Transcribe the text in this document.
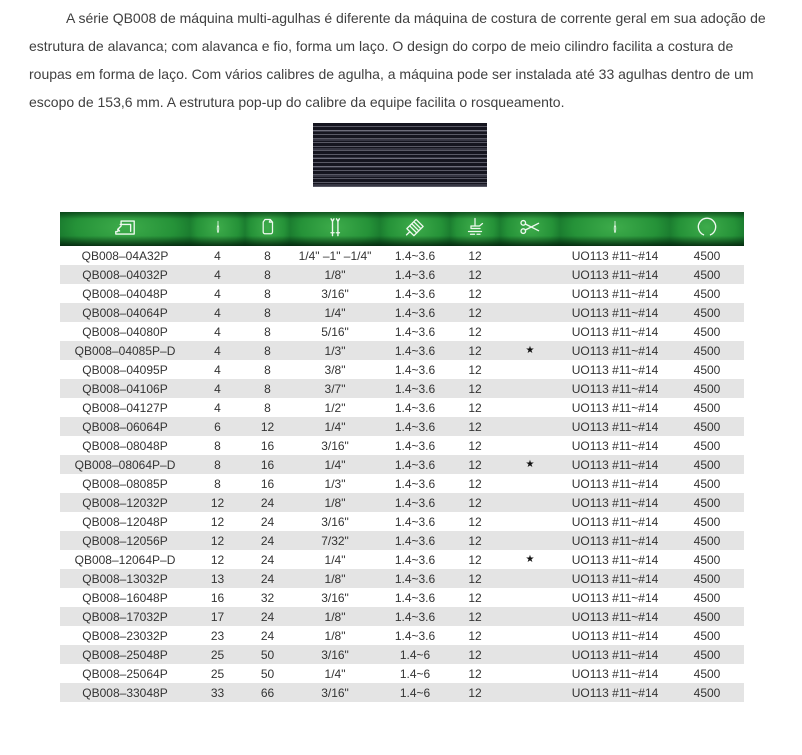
A série QB008 de máquina multi-agulhas é diferente da máquina de costura de corrente geral em sua adoção de estrutura de alavanca; com alavanca e fio, forma um laço. O design do corpo de meio cilindro facilita a costura de roupas em forma de laço. Com vários calibres de agulha, a máquina pode ser instalada até 33 agulhas dentro de um escopo de 153,6 mm. A estrutura pop-up do calibre da equipe facilita o rosqueamento.

QB008–04A32P	4	8	1/4" –1" –1/4"	1.4~3.6	12		UO113 #11~#14	4500
QB008–04032P	4	8	1/8"	1.4~3.6	12		UO113 #11~#14	4500
QB008–04048P	4	8	3/16"	1.4~3.6	12		UO113 #11~#14	4500
QB008–04064P	4	8	1/4"	1.4~3.6	12		UO113 #11~#14	4500
QB008–04080P	4	8	5/16"	1.4~3.6	12		UO113 #11~#14	4500
QB008–04085P–D	4	8	1/3"	1.4~3.6	12	★	UO113 #11~#14	4500
QB008–04095P	4	8	3/8"	1.4~3.6	12		UO113 #11~#14	4500
QB008–04106P	4	8	3/7"	1.4~3.6	12		UO113 #11~#14	4500
QB008–04127P	4	8	1/2"	1.4~3.6	12		UO113 #11~#14	4500
QB008–06064P	6	12	1/4"	1.4~3.6	12		UO113 #11~#14	4500
QB008–08048P	8	16	3/16"	1.4~3.6	12		UO113 #11~#14	4500
QB008–08064P–D	8	16	1/4"	1.4~3.6	12	★	UO113 #11~#14	4500
QB008–08085P	8	16	1/3"	1.4~3.6	12		UO113 #11~#14	4500
QB008–12032P	12	24	1/8"	1.4~3.6	12		UO113 #11~#14	4500
QB008–12048P	12	24	3/16"	1.4~3.6	12		UO113 #11~#14	4500
QB008–12056P	12	24	7/32"	1.4~3.6	12		UO113 #11~#14	4500
QB008–12064P–D	12	24	1/4"	1.4~3.6	12	★	UO113 #11~#14	4500
QB008–13032P	13	24	1/8"	1.4~3.6	12		UO113 #11~#14	4500
QB008–16048P	16	32	3/16"	1.4~3.6	12		UO113 #11~#14	4500
QB008–17032P	17	24	1/8"	1.4~3.6	12		UO113 #11~#14	4500
QB008–23032P	23	24	1/8"	1.4~3.6	12		UO113 #11~#14	4500
QB008–25048P	25	50	3/16"	1.4~6	12		UO113 #11~#14	4500
QB008–25064P	25	50	1/4"	1.4~6	12		UO113 #11~#14	4500
QB008–33048P	33	66	3/16"	1.4~6	12		UO113 #11~#14	4500
